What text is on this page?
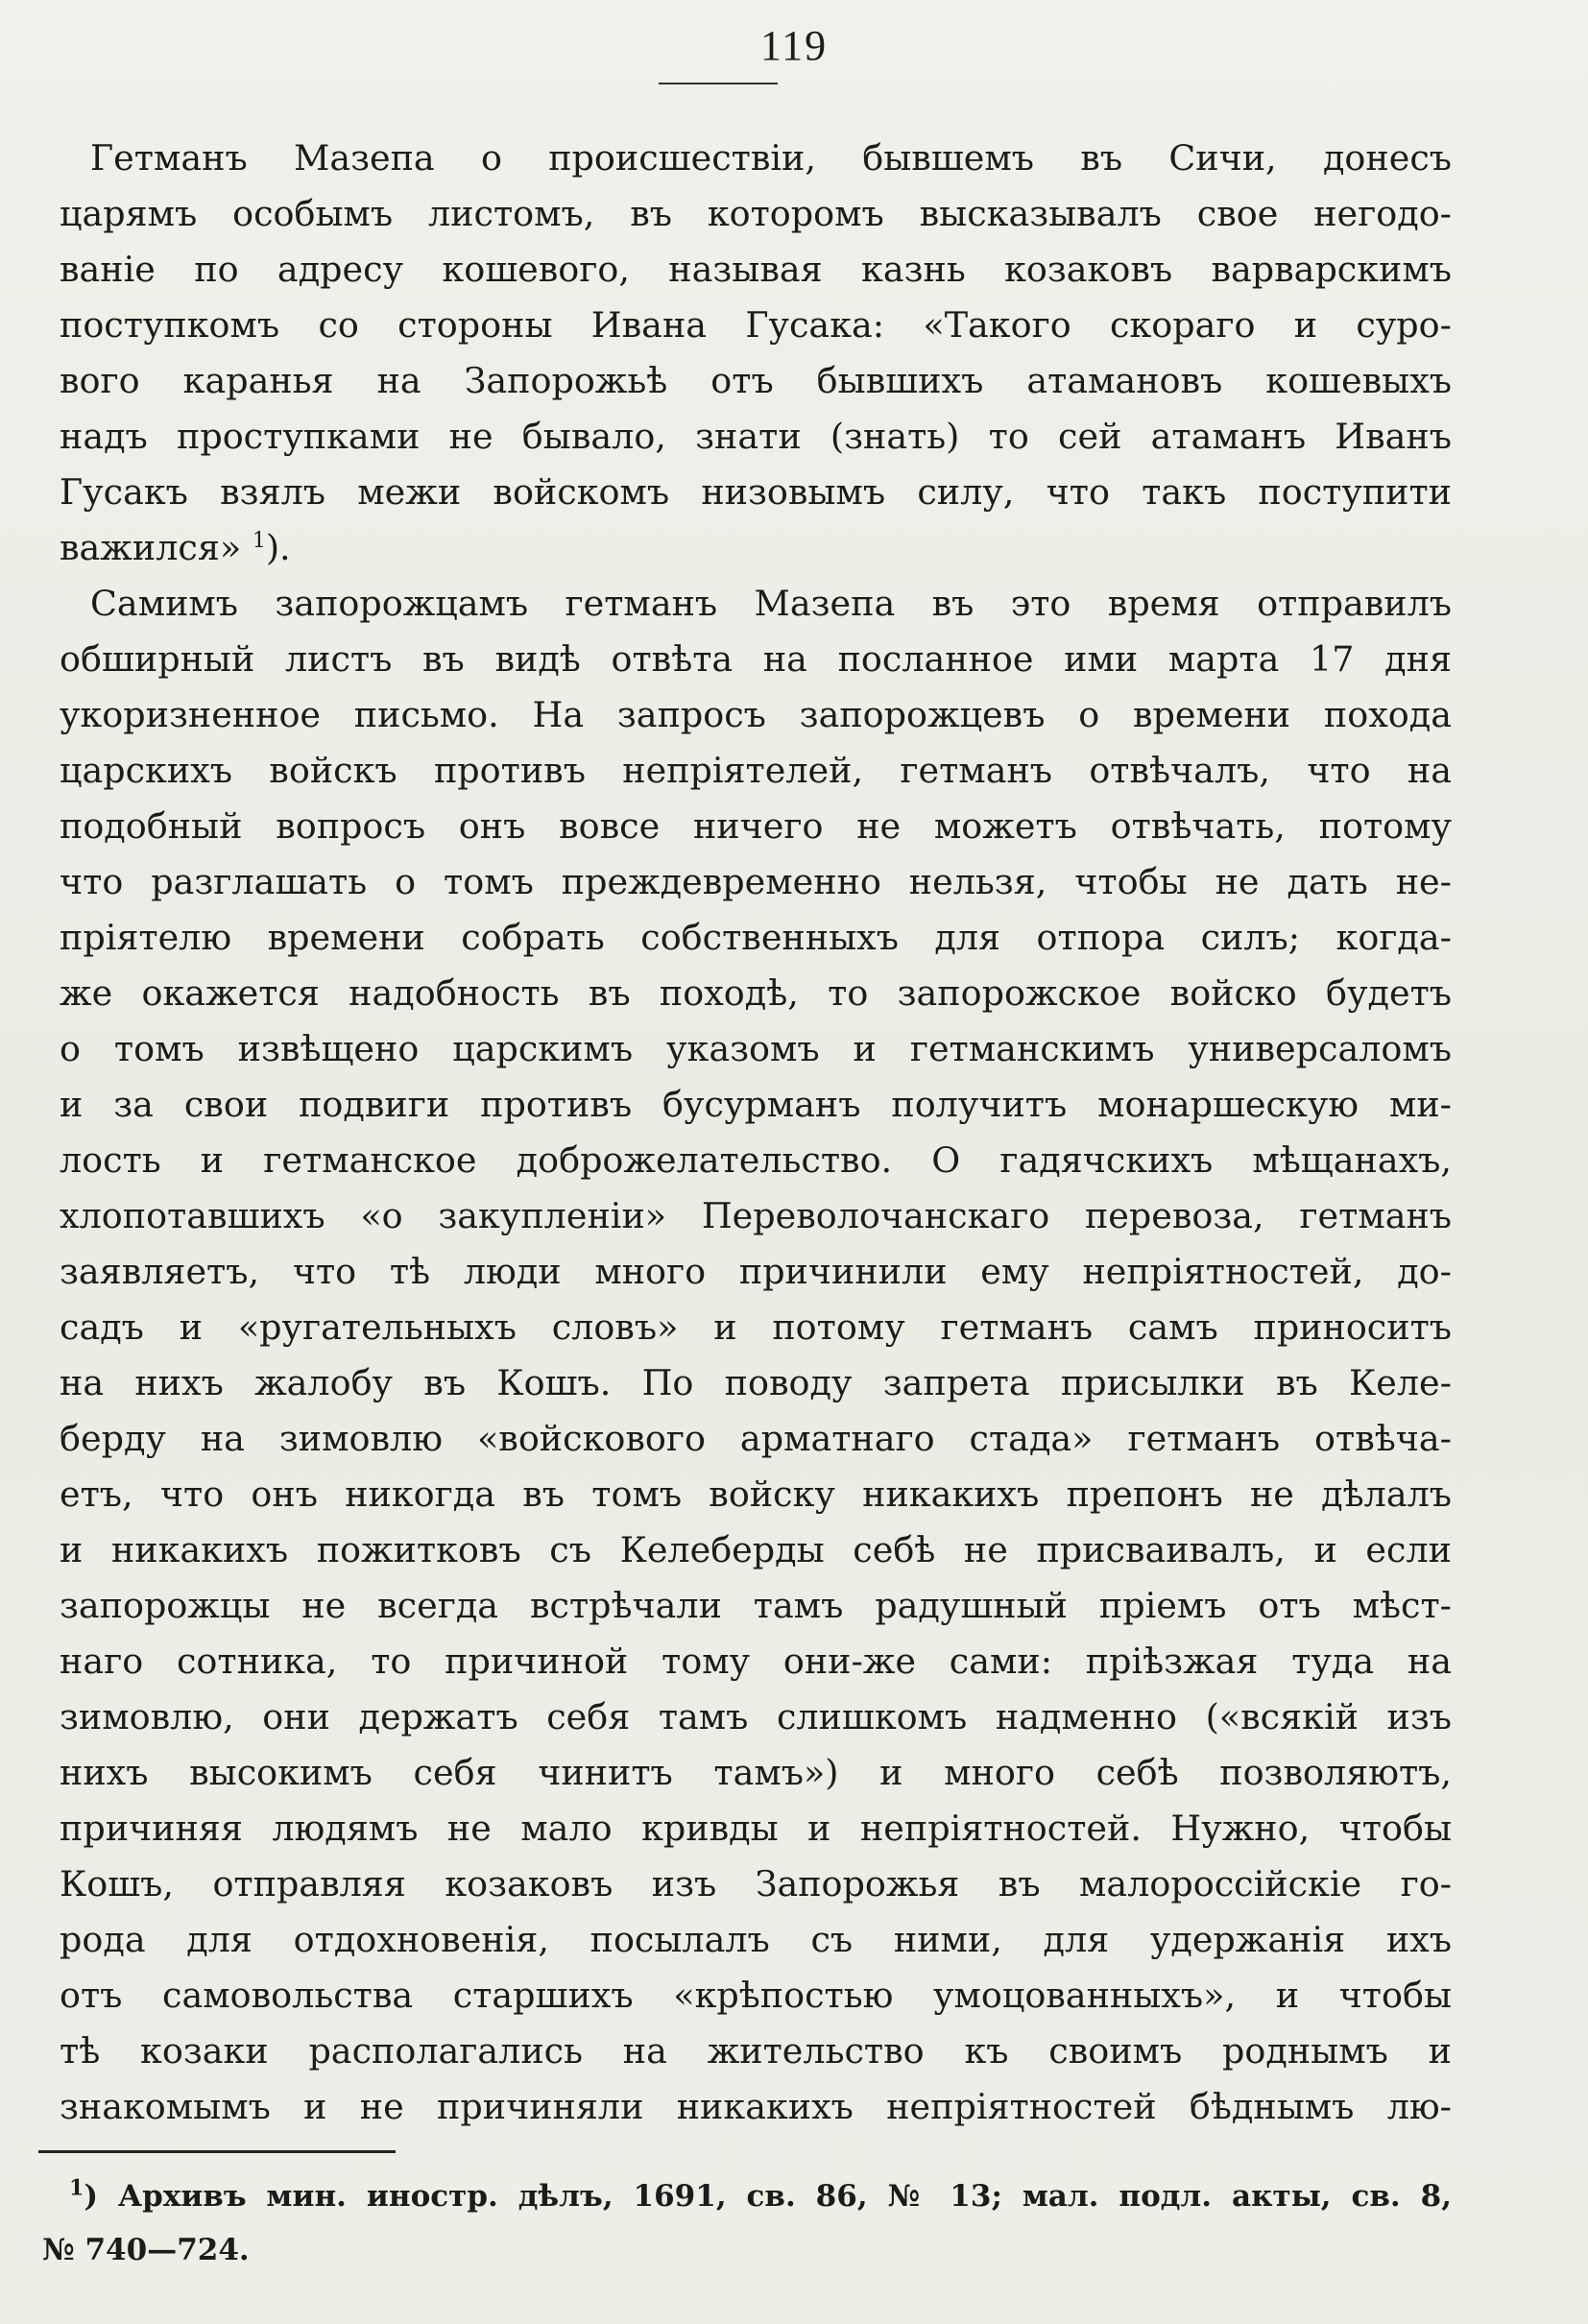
119
Гетманъ Мазепа о происшествіи, бывшемъ въ Сичи, донесъ
царямъ особымъ листомъ, въ которомъ высказывалъ свое негодо-
ваніе по адресу кошевого, называя казнь козаковъ варварскимъ
поступкомъ со стороны Ивана Гусака: «Такого скораго и суро-
вого каранья на Запорожьѣ отъ бывшихъ атамановъ кошевыхъ
надъ проступками не бывало, знати (знать) то сей атаманъ Иванъ
Гусакъ взялъ межи войскомъ низовымъ силу, что такъ поступити
важился» $^1$).
Самимъ запорожцамъ гетманъ Мазепа въ это время отправилъ
обширный листъ въ видѣ отвѣта на посланное ими марта 17 дня
укоризненное письмо. На запросъ запорожцевъ о времени похода
царскихъ войскъ противъ непріятелей, гетманъ отвѣчалъ, что на
подобный вопросъ онъ вовсе ничего не можетъ отвѣчать, потому
что разглашать о томъ преждевременно нельзя, чтобы не дать не-
пріятелю времени собрать собственныхъ для отпора силъ; когда-
же окажется надобность въ походѣ, то запорожское войско будетъ
о томъ извѣщено царскимъ указомъ и гетманскимъ универсаломъ
и за свои подвиги противъ бусурманъ получитъ монаршескую ми-
лость и гетманское доброжелательство. О гадячскихъ мѣщанахъ,
хлопотавшихъ «о закупленіи» Переволочанскаго перевоза, гетманъ
заявляетъ, что тѣ люди много причинили ему непріятностей, до-
садъ и «ругательныхъ словъ» и потому гетманъ самъ приноситъ
на нихъ жалобу въ Кошъ. По поводу запрета присылки въ Келе-
берду на зимовлю «войскового арматнаго стада» гетманъ отвѣча-
етъ, что онъ никогда въ томъ войску никакихъ препонъ не дѣлалъ
и никакихъ пожитковъ съ Келеберды себѣ не присваивалъ, и если
запорожцы не всегда встрѣчали тамъ радушный пріемъ отъ мѣст-
наго сотника, то причиной тому они-же сами: пріѣзжая туда на
зимовлю, они держатъ себя тамъ слишкомъ надменно («всякій изъ
нихъ высокимъ себя чинитъ тамъ») и много себѣ позволяютъ,
причиняя людямъ не мало кривды и непріятностей. Нужно, чтобы
Кошъ, отправляя козаковъ изъ Запорожья въ малороссійскіе го-
рода для отдохновенія, посылалъ съ ними, для удержанія ихъ
отъ самовольства старшихъ «крѣпостью умоцованныхъ», и чтобы
тѣ козаки располагались на жительство къ своимъ роднымъ и
знакомымъ и не причиняли никакихъ непріятностей бѣднымъ лю-
$^1$) Архивъ мин. иностр. дѣлъ, 1691, св. 86, № 13; мал. подл. акты, св. 8,
№ 740—724.
